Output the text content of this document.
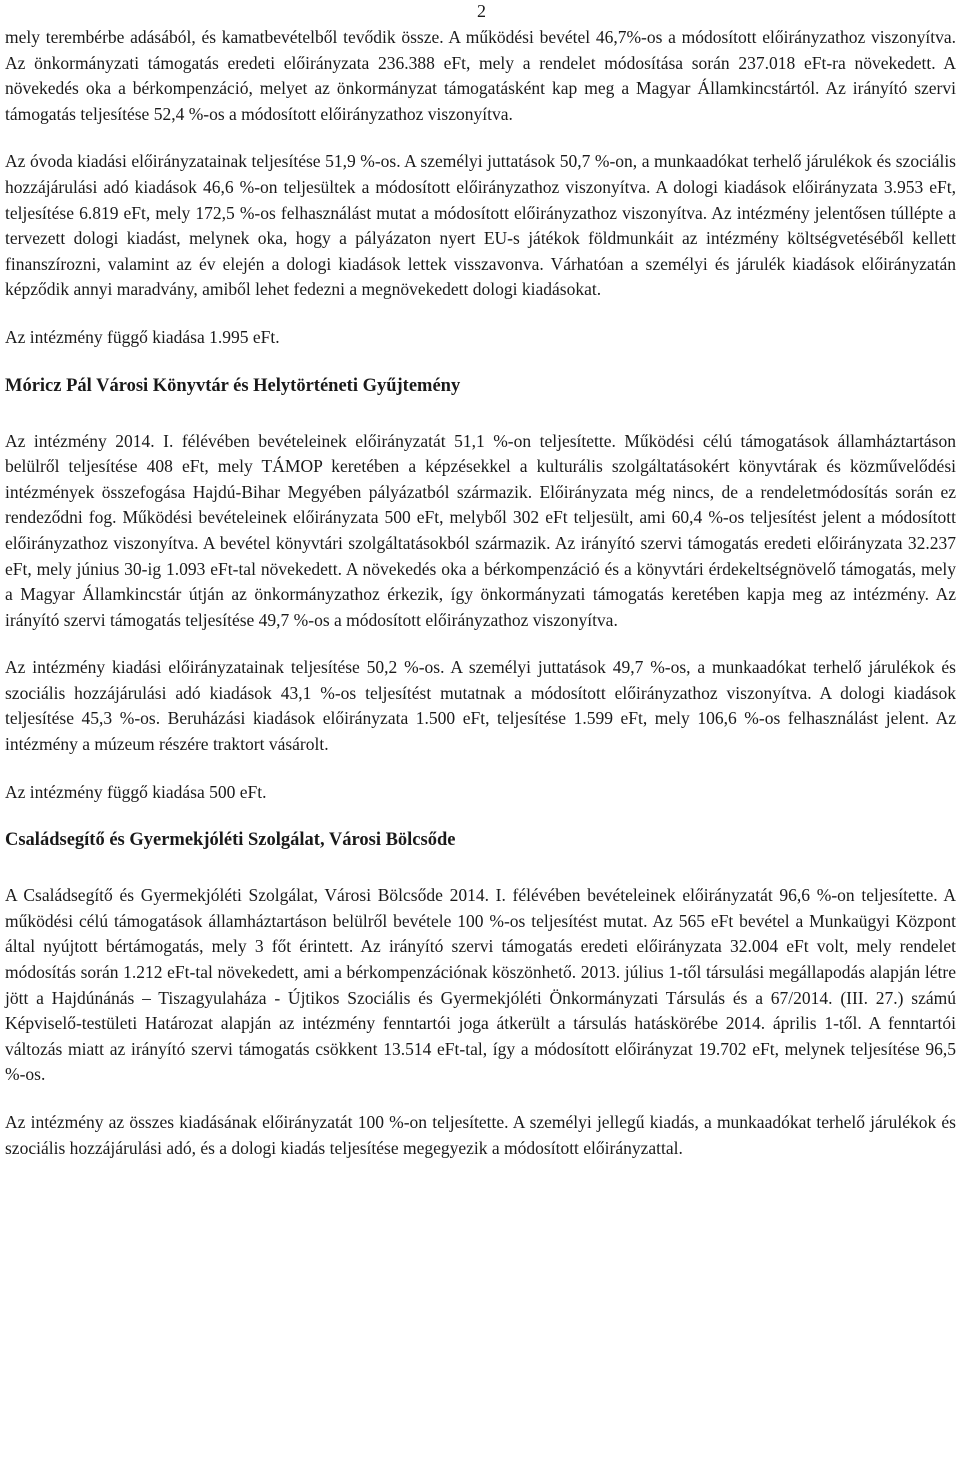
2

mely terembérbe adásából, és kamatbevételből tevődik össze. A működési bevétel 46,7%-os a módosított előirányzathoz viszonyítva. Az önkormányzati támogatás eredeti előirányzata 236.388 eFt, mely a rendelet módosítása során 237.018 eFt-ra növekedett. A növekedés oka a bérkompenzáció, melyet az önkormányzat támogatásként kap meg a Magyar Államkincstártól. Az irányító szervi támogatás teljesítése 52,4 %-os a módosított előirányzathoz viszonyítva.

Az óvoda kiadási előirányzatainak teljesítése 51,9 %-os. A személyi juttatások 50,7 %-on, a munkaadókat terhelő járulékok és szociális hozzájárulási adó kiadások 46,6 %-on teljesültek a módosított előirányzathoz viszonyítva. A dologi kiadások előirányzata 3.953 eFt, teljesítése 6.819 eFt, mely 172,5 %-os felhasználást mutat a módosított előirányzathoz viszonyítva. Az intézmény jelentősen túllépte a tervezett dologi kiadást, melynek oka, hogy a pályázaton nyert EU-s játékok földmunkáit az intézmény költségvetéséből kellett finanszírozni, valamint az év elején a dologi kiadások lettek visszavonva. Várhatóan a személyi és járulék kiadások előirányzatán képződik annyi maradvány, amiből lehet fedezni a megnövekedett dologi kiadásokat.

Az intézmény függő kiadása 1.995 eFt.

Móricz Pál Városi Könyvtár és Helytörténeti Gyűjtemény

Az intézmény 2014. I. félévében bevételeinek előirányzatát 51,1 %-on teljesítette. Működési célú támogatások államháztartáson belülről teljesítése 408 eFt, mely TÁMOP keretében a képzésekkel a kulturális szolgáltatásokért könyvtárak és közművelődési intézmények összefogása Hajdú-Bihar Megyében pályázatból származik. Előirányzata még nincs, de a rendeletmódosítás során ez rendeződni fog. Működési bevételeinek előirányzata 500 eFt, melyből 302 eFt teljesült, ami 60,4 %-os teljesítést jelent a módosított előirányzathoz viszonyítva. A bevétel könyvtári szolgáltatásokból származik. Az irányító szervi támogatás eredeti előirányzata 32.237 eFt, mely június 30-ig 1.093 eFt-tal növekedett. A növekedés oka a bérkompenzáció és a könyvtári érdekeltségnövelő támogatás, mely a Magyar Államkincstár útján az önkormányzathoz érkezik, így önkormányzati támogatás keretében kapja meg az intézmény. Az irányító szervi támogatás teljesítése 49,7 %-os a módosított előirányzathoz viszonyítva.

Az intézmény kiadási előirányzatainak teljesítése 50,2 %-os. A személyi juttatások 49,7 %-os, a munkaadókat terhelő járulékok és szociális hozzájárulási adó kiadások 43,1 %-os teljesítést mutatnak a módosított előirányzathoz viszonyítva. A dologi kiadások teljesítése 45,3 %-os. Beruházási kiadások előirányzata 1.500 eFt, teljesítése 1.599 eFt, mely 106,6 %-os felhasználást jelent. Az intézmény a múzeum részére traktort vásárolt.

Az intézmény függő kiadása 500 eFt.

Családsegítő és Gyermekjóléti Szolgálat, Városi Bölcsőde

A Családsegítő és Gyermekjóléti Szolgálat, Városi Bölcsőde 2014. I. félévében bevételeinek előirányzatát 96,6 %-on teljesítette. A működési célú támogatások államháztartáson belülről bevétele 100 %-os teljesítést mutat. Az 565 eFt bevétel a Munkaügyi Központ által nyújtott bértámogatás, mely 3 főt érintett. Az irányító szervi támogatás eredeti előirányzata 32.004 eFt volt, mely rendelet módosítás során 1.212 eFt-tal növekedett, ami a bérkompenzációnak köszönhető. 2013. július 1-től társulási megállapodás alapján létre jött a Hajdúnánás – Tiszagyulaháza - Újtikos Szociális és Gyermekjóléti Önkormányzati Társulás és a 67/2014. (III. 27.) számú Képviselő-testületi Határozat alapján az intézmény fenntartói joga átkerült a társulás hatáskörébe 2014. április 1-től. A fenntartói változás miatt az irányító szervi támogatás csökkent 13.514 eFt-tal, így a módosított előirányzat 19.702 eFt, melynek teljesítése 96,5 %-os.

Az intézmény az összes kiadásának előirányzatát 100 %-on teljesítette. A személyi jellegű kiadás, a munkaadókat terhelő járulékok és szociális hozzájárulási adó, és a dologi kiadás teljesítése megegyezik a módosított előirányzattal.
